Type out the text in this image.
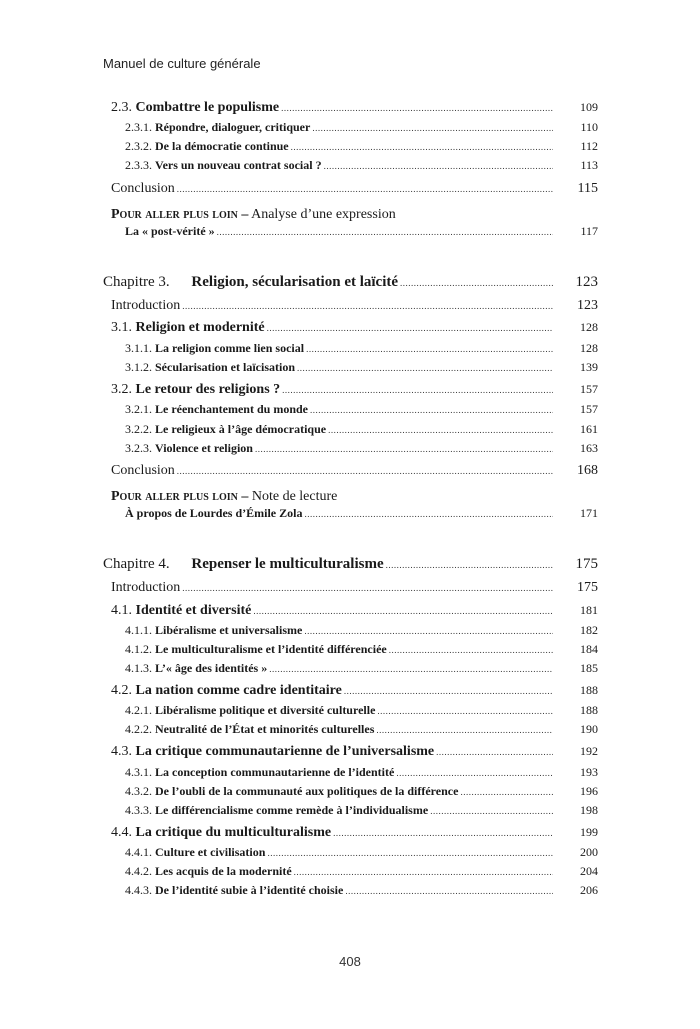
Manuel de culture générale
2.3. Combattre le populisme .....	109
2.3.1. Répondre, dialoguer, critiquer .....	110
2.3.2. De la démocratie continue .....	112
2.3.3. Vers un nouveau contrat social ? .....	113
Conclusion .....	115
Pour aller plus loin – Analyse d’une expression
La « post-vérité » .....	117
Chapitre 3. Religion, sécularisation et laïcité .....	123
Introduction .....	123
3.1. Religion et modernité .....	128
3.1.1. La religion comme lien social .....	128
3.1.2. Sécularisation et laïcisation .....	139
3.2. Le retour des religions ? .....	157
3.2.1. Le réenchantement du monde .....	157
3.2.2. Le religieux à l’âge démocratique .....	161
3.2.3. Violence et religion .....	163
Conclusion .....	168
Pour aller plus loin – Note de lecture
À propos de Lourdes d’Émile Zola .....	171
Chapitre 4. Repenser le multiculturalisme .....	175
Introduction .....	175
4.1. Identité et diversité .....	181
4.1.1. Libéralisme et universalisme .....	182
4.1.2. Le multiculturalisme et l’identité différenciée .....	184
4.1.3. L’« âge des identités » .....	185
4.2. La nation comme cadre identitaire .....	188
4.2.1. Libéralisme politique et diversité culturelle .....	188
4.2.2. Neutralité de l’État et minorités culturelles .....	190
4.3. La critique communautarienne de l’universalisme .....	192
4.3.1. La conception communautarienne de l’identité .....	193
4.3.2. De l’oubli de la communauté aux politiques de la différence .....	196
4.3.3. Le différencialisme comme remède à l’individualisme .....	198
4.4. La critique du multiculturalisme .....	199
4.4.1. Culture et civilisation .....	200
4.4.2. Les acquis de la modernité .....	204
4.4.3. De l’identité subie à l’identité choisie .....	206
408
